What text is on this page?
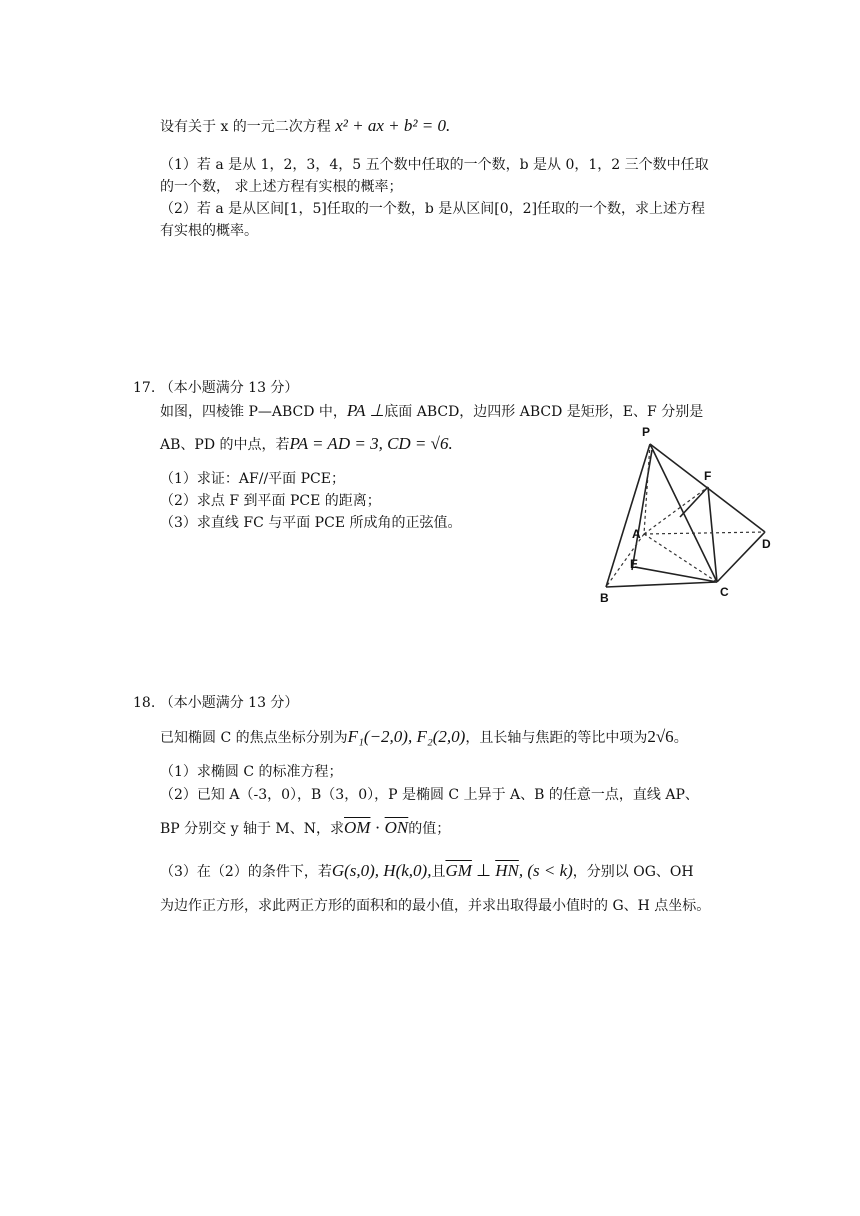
设有关于 x 的一元二次方程 x² + ax + b² = 0.
（1）若 a 是从 1，2，3，4，5 五个数中任取的一个数，b 是从 0，1，2 三个数中任取
的一个数， 求上述方程有实根的概率；
（2）若 a 是从区间[1，5]任取的一个数，b 是从区间[0，2]任取的一个数，求上述方程
有实根的概率。
17. （本小题满分 13 分）
如图，四棱锥 P—ABCD 中，PA ⊥底面 ABCD，边四形 ABCD 是矩形，E、F 分别是
AB、PD 的中点，若PA = AD = 3, CD = √6.
（1）求证：AF//平面 PCE；
（2）求点 F 到平面 PCE 的距离；
（3）求直线 FC 与平面 PCE 所成角的正弦值。
P
F
A
D
E
B	C
18. （本小题满分 13 分）
已知椭圆 C 的焦点坐标分别为F₁(−2,0), F₂(2,0)，且长轴与焦距的等比中项为2√6。
（1）求椭圆 C 的标准方程；
（2）已知 A（-3，0），B（3，0），P 是椭圆 C 上异于 A、B 的任意一点，直线 AP、
BP 分别交 y 轴于 M、N，求$\overline{OM} \cdot \overline{ON}$的值；
（3）在（2）的条件下，若G(s,0), H(k,0),且$\overline{GM}$ ⊥ $\overline{HN}$, (s < k)，分别以 OG、OH
为边作正方形，求此两正方形的面积和的最小值，并求出取得最小值时的 G、H 点坐标。
